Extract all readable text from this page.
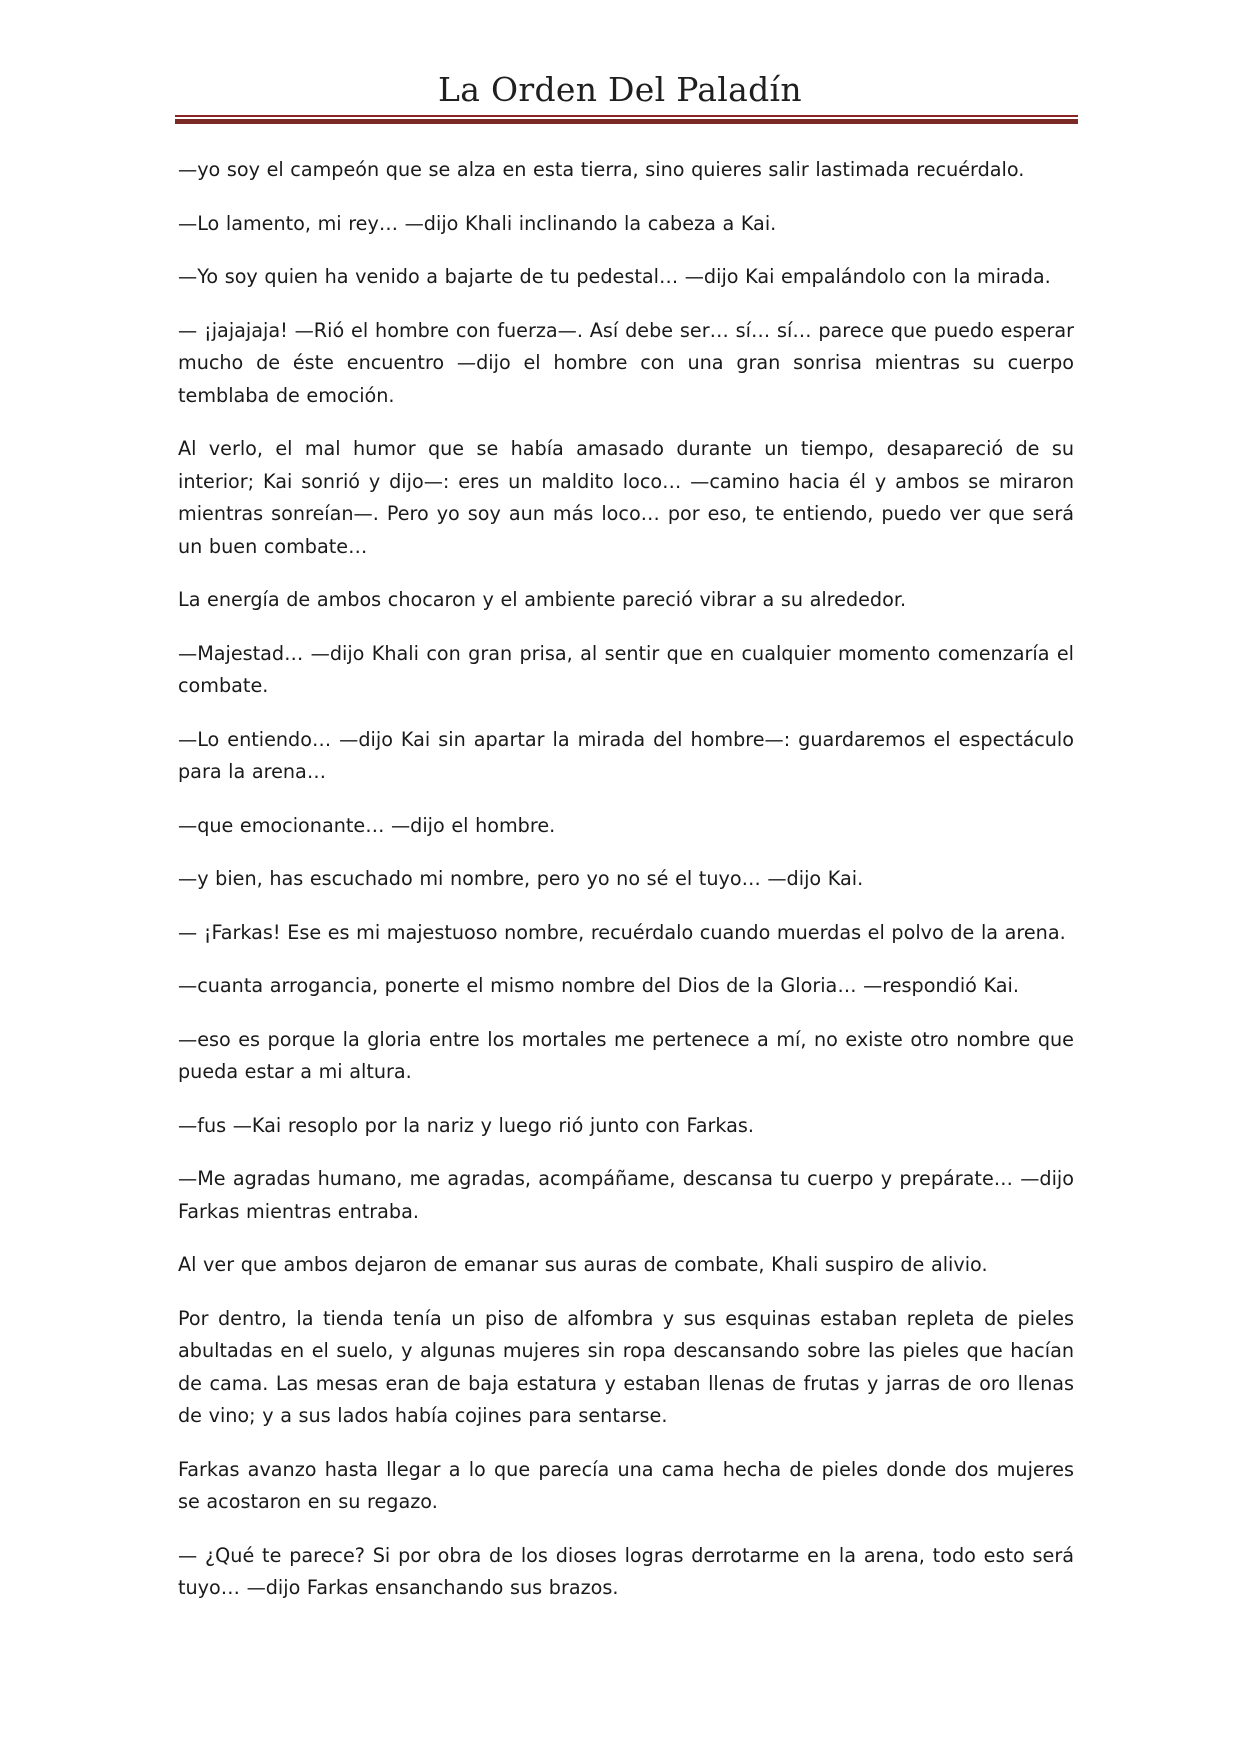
La Orden Del Paladín

—yo soy el campeón que se alza en esta tierra, sino quieres salir lastimada recuérdalo.

—Lo lamento, mi rey… —dijo Khali inclinando la cabeza a Kai.

—Yo soy quien ha venido a bajarte de tu pedestal… —dijo Kai empalándolo con la mirada.

— ¡jajajaja! —Rió el hombre con fuerza—. Así debe ser… sí… sí… parece que puedo esperar mucho de éste encuentro —dijo el hombre con una gran sonrisa mientras su cuerpo temblaba de emoción.

Al verlo, el mal humor que se había amasado durante un tiempo, desapareció de su interior; Kai sonrió y dijo—: eres un maldito loco… —camino hacia él y ambos se miraron mientras sonreían—. Pero yo soy aun más loco… por eso, te entiendo, puedo ver que será un buen combate…

La energía de ambos chocaron y el ambiente pareció vibrar a su alrededor.

—Majestad… —dijo Khali con gran prisa, al sentir que en cualquier momento comenzaría el combate.

—Lo entiendo… —dijo Kai sin apartar la mirada del hombre—: guardaremos el espectáculo para la arena…

—que emocionante… —dijo el hombre.

—y bien, has escuchado mi nombre, pero yo no sé el tuyo… —dijo Kai.

— ¡Farkas! Ese es mi majestuoso nombre, recuérdalo cuando muerdas el polvo de la arena.

—cuanta arrogancia, ponerte el mismo nombre del Dios de la Gloria… —respondió Kai.

—eso es porque la gloria entre los mortales me pertenece a mí, no existe otro nombre que pueda estar a mi altura.

—fus —Kai resoplo por la nariz y luego rió junto con Farkas.

—Me agradas humano, me agradas, acompáñame, descansa tu cuerpo y prepárate… —dijo Farkas mientras entraba.

Al ver que ambos dejaron de emanar sus auras de combate, Khali suspiro de alivio.

Por dentro, la tienda tenía un piso de alfombra y sus esquinas estaban repleta de pieles abultadas en el suelo, y algunas mujeres sin ropa descansando sobre las pieles que hacían de cama. Las mesas eran de baja estatura y estaban llenas de frutas y jarras de oro llenas de vino; y a sus lados había cojines para sentarse.

Farkas avanzo hasta llegar a lo que parecía una cama hecha de pieles donde dos mujeres se acostaron en su regazo.

— ¿Qué te parece? Si por obra de los dioses logras derrotarme en la arena, todo esto será tuyo… —dijo Farkas ensanchando sus brazos.
